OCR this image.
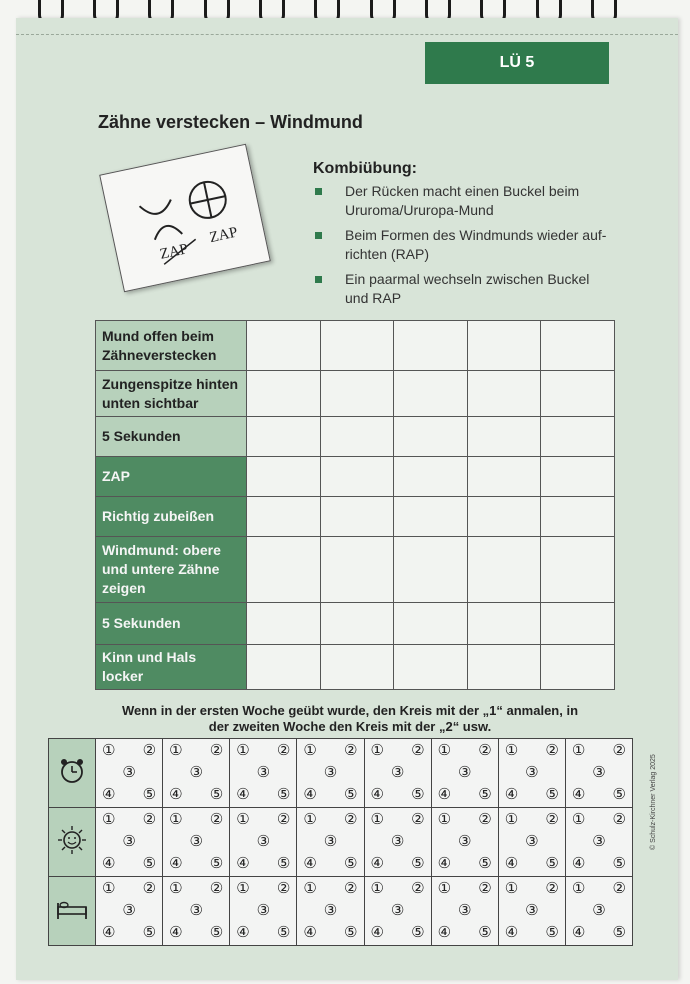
LÜ 5
Zähne verstecken – Windmund
ZAP
ZAP
Kombiübung:
Der Rücken macht einen Buckel beim Ururoma/Ururopa-Mund
Beim Formen des Windmunds wieder aufrichten (RAP)
Ein paarmal wechseln zwischen Buckel und RAP
Mund offen beim Zähneverstecken					
Zungenspitze hinten unten sichtbar					
5 Sekunden					
ZAP					
Richtig zubeißen					
Windmund: obere und untere Zähne zeigen					
5 Sekunden					
Kinn und Hals locker					
Wenn in der ersten Woche geübt wurde, den Kreis mit der „1“ anmalen, in der zweiten Woche den Kreis mit der „2“ usw.

① ②
③
④ ⑤	① ②
③
④ ⑤	① ②
③
④ ⑤	① ②
③
④ ⑤	① ②
③
④ ⑤	① ②
③
④ ⑤	① ②
③
④ ⑤	① ②
③
④ ⑤

① ②
③
④ ⑤	① ②
③
④ ⑤	① ②
③
④ ⑤	① ②
③
④ ⑤	① ②
③
④ ⑤	① ②
③
④ ⑤	① ②
③
④ ⑤	① ②
③
④ ⑤

① ②
③
④ ⑤	① ②
③
④ ⑤	① ②
③
④ ⑤	① ②
③
④ ⑤	① ②
③
④ ⑤	① ②
③
④ ⑤	① ②
③
④ ⑤	① ②
③
④ ⑤
© Schulz-Kirchner Verlag 2025
